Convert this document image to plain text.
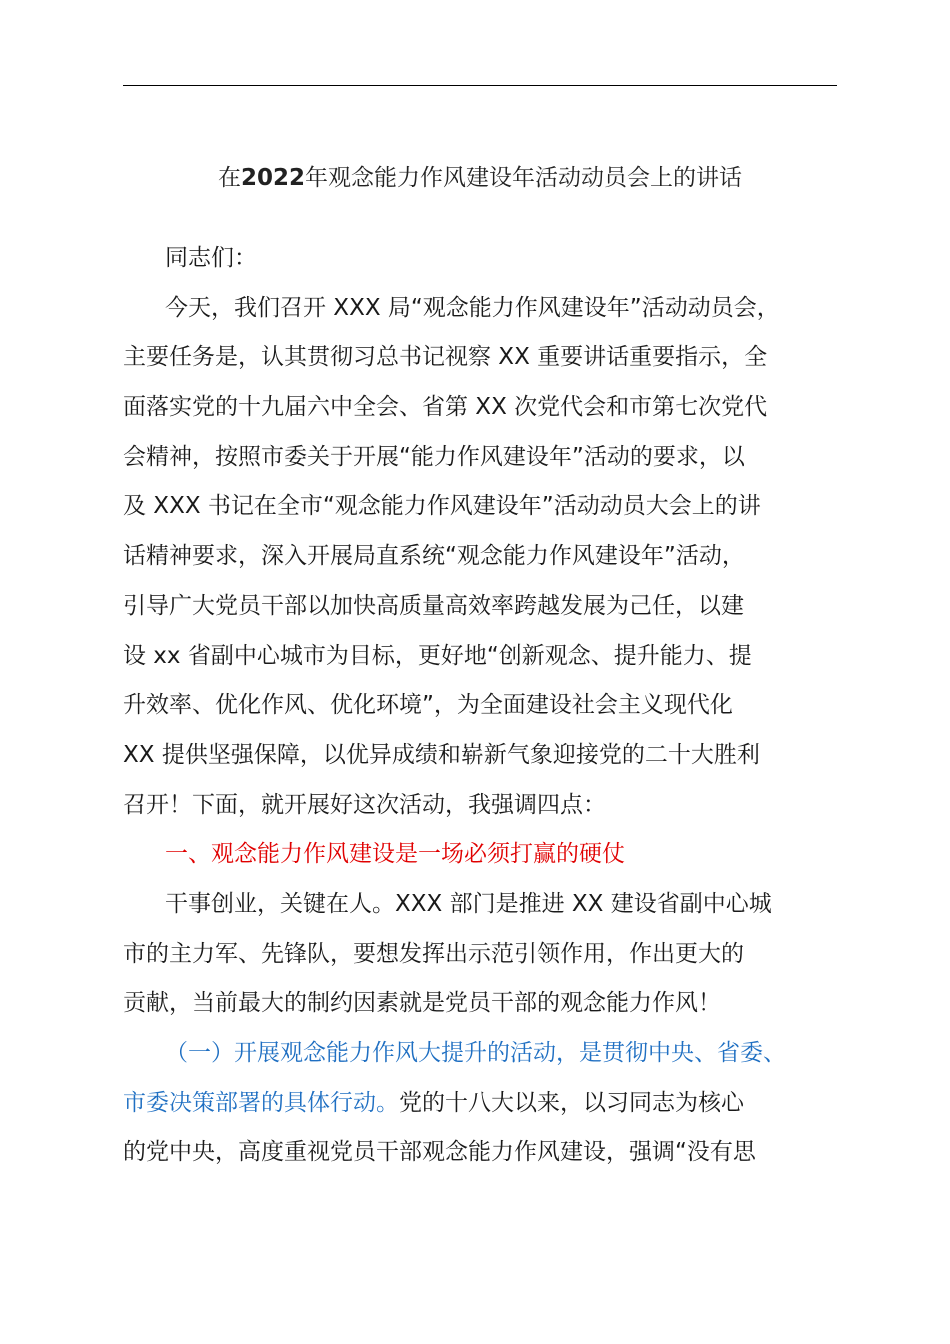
在2022年观念能力作风建设年活动动员会上的讲话
同志们：
今天，我们召开 XXX 局“观念能力作风建设年”活动动员会，
主要任务是，认其贯彻习总书记视察 XX 重要讲话重要指示，全
面落实党的十九届六中全会、省第 XX 次党代会和市第七次党代
会精神，按照市委关于开展“能力作风建设年”活动的要求，以
及 XXX 书记在全市“观念能力作风建设年”活动动员大会上的讲
话精神要求，深入开展局直系统“观念能力作风建设年”活动，
引导广大党员干部以加快高质量高效率跨越发展为己任，以建
设 xx 省副中心城市为目标，更好地“创新观念、提升能力、提
升效率、优化作风、优化环境”，为全面建设社会主义现代化
XX 提供坚强保障，以优异成绩和崭新气象迎接党的二十大胜利
召开！下面，就开展好这次活动，我强调四点：
一、观念能力作风建设是一场必须打赢的硬仗
干事创业，关键在人。XXX 部门是推进 XX 建设省副中心城
市的主力军、先锋队，要想发挥出示范引领作用，作出更大的
贡献，当前最大的制约因素就是党员干部的观念能力作风！
（一）开展观念能力作风大提升的活动，是贯彻中央、省委、
市委决策部署的具体行动。党的十八大以来，以习同志为核心
的党中央，高度重视党员干部观念能力作风建设，强调“没有思
